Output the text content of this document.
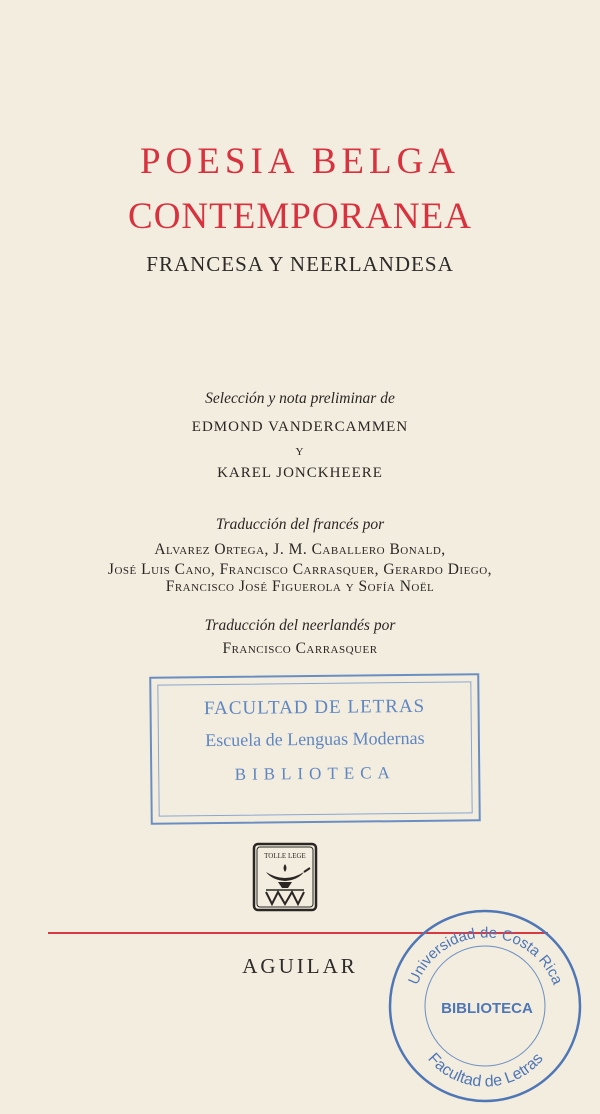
POESIA BELGA
CONTEMPORANEA
FRANCESA Y NEERLANDESA
Selección y nota preliminar de
EDMOND VANDERCAMMEN
Y
KAREL JONCKHEERE
Traducción del francés por
Alvarez Ortega, J. M. Caballero Bonald,
José Luis Cano, Francisco Carrasquer, Gerardo Diego,
Francisco José Figuerola y Sofía Noël
Traducción del neerlandés por
Francisco Carrasquer
FACULTAD DE LETRAS
Escuela de Lenguas Modernas
BIBLIOTECA
TOLLE LEGE
AGUILAR
Universidad de Costa Rica
BIBLIOTECA
Facultad de Letras
